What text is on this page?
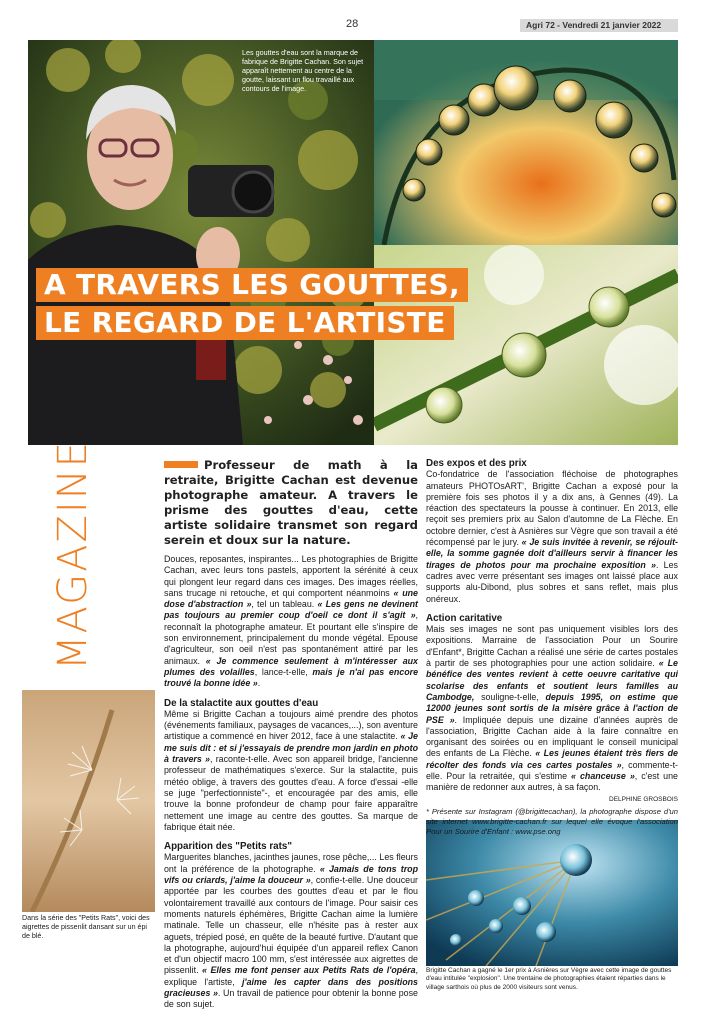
28	Agri 72 - Vendredi 21 janvier 2022
Les gouttes d'eau sont la marque de fabrique de Brigitte Cachan. Son sujet apparaît nettement au centre de la goutte, laissant un flou travaillé aux contours de l'image.
A TRAVERS LES GOUTTES,
LE REGARD DE L'ARTISTE
MAGAZINE
Dans la série des "Petits Rats", voici des aigrettes de pissenlit dansant sur un épi de blé.
Brigitte Cachan a gagné le 1er prix à Asnières sur Vègre avec cette image de gouttes d'eau intitulée "explosion". Une trentaine de photographies étaient réparties dans le village sarthois où plus de 2000 visiteurs sont venus.

Professeur de math à la retraite, Brigitte Cachan est devenue photographe amateur. A travers le prisme des gouttes d'eau, cette artiste solidaire transmet son regard serein et doux sur la nature.

Douces, reposantes, inspirantes... Les photographies de Brigitte Cachan, avec leurs tons pastels, apportent la sérénité à ceux qui plongent leur regard dans ces images. Des images réelles, sans trucage ni retouche, et qui comportent néanmoins « une dose d'abstraction », tel un tableau. « Les gens ne devinent pas toujours au premier coup d'oeil ce dont il s'agit », reconnaît la photographe amateur. Et pourtant elle s'inspire de son environnement, principalement du monde végétal. Epouse d'agriculteur, son oeil n'est pas spontanément attiré par les animaux. « Je commence seulement à m'intéresser aux plumes des volailles, lance-t-elle, mais je n'ai pas encore trouvé la bonne idée ».

De la stalactite aux gouttes d'eau

Même si Brigitte Cachan a toujours aimé prendre des photos (événements familiaux, paysages de vacances,...), son aventure artistique a commencé en hiver 2012, face à une stalactite. « Je me suis dit : et si j'essayais de prendre mon jardin en photo à travers », raconte-t-elle. Avec son appareil bridge, l'ancienne professeur de mathématiques s'exerce. Sur la stalactite, puis météo oblige, à travers des gouttes d'eau. A force d'essai -elle se juge "perfectionniste"-, et encouragée par des amis, elle trouve la bonne profondeur de champ pour faire apparaître nettement une image au centre des gouttes. Sa marque de fabrique était née.

Apparition des "Petits rats"

Marguerites blanches, jacinthes jaunes, rose pêche,... Les fleurs ont la préférence de la photographe. « Jamais de tons trop vifs ou criards, j'aime la douceur », confie-t-elle. Une douceur apportée par les courbes des gouttes d'eau et par le flou volontairement travaillé aux contours de l'image. Pour saisir ces moments naturels éphémères, Brigitte Cachan aime la lumière matinale. Telle un chasseur, elle n'hésite pas à rester aux aguets, trépied posé, en quête de la beauté furtive. D'autant que la photographe, aujourd'hui équipée d'un appareil reflex Canon et d'un objectif macro 100 mm, s'est intéressée aux aigrettes de pissenlit. « Elles me font penser aux Petits Rats de l'opéra, explique l'artiste, j'aime les capter dans des positions gracieuses ». Un travail de patience pour obtenir la bonne pose de son sujet.

Des expos et des prix

Co-fondatrice de l'association fléchoise de photographes amateurs PHOTOsART', Brigitte Cachan a exposé pour la première fois ses photos il y a dix ans, à Gennes (49). La réaction des spectateurs la pousse à continuer. En 2013, elle reçoit ses premiers prix au Salon d'automne de La Flèche. En octobre dernier, c'est à Asnières sur Vègre que son travail a été récompensé par le jury. « Je suis invitée à revenir, se réjouit-elle, la somme gagnée doit d'ailleurs servir à financer les tirages de photos pour ma prochaine exposition ». Les cadres avec verre présentant ses images ont laissé place aux supports alu-Dibond, plus sobres et sans reflet, mais plus onéreux.

Action caritative

Mais ses images ne sont pas uniquement visibles lors des expositions. Marraine de l'association Pour un Sourire d'Enfant*, Brigitte Cachan a réalisé une série de cartes postales à partir de ses photographies pour une action solidaire. « Le bénéfice des ventes revient à cette oeuvre caritative qui scolarise des enfants et soutient leurs familles au Cambodge, souligne-t-elle, depuis 1995, on estime que 12000 jeunes sont sortis de la misère grâce à l'action de PSE ». Impliquée depuis une dizaine d'années auprès de l'association, Brigitte Cachan aide à la faire connaître en organisant des soirées ou en impliquant le conseil municipal des enfants de La Flèche. « Les jeunes étaient très fiers de récolter des fonds via ces cartes postales », commente-t-elle. Pour la retraitée, qui s'estime « chanceuse », c'est une manière de redonner aux autres, à sa façon.

DELPHINE GROSBOIS

* Présente sur Instagram (@brigittecachan), la photographe dispose d'un site internet www.brigitte-cachan.fr sur lequel elle évoque l'association Pour un Sourire d'Enfant : www.pse.ong
